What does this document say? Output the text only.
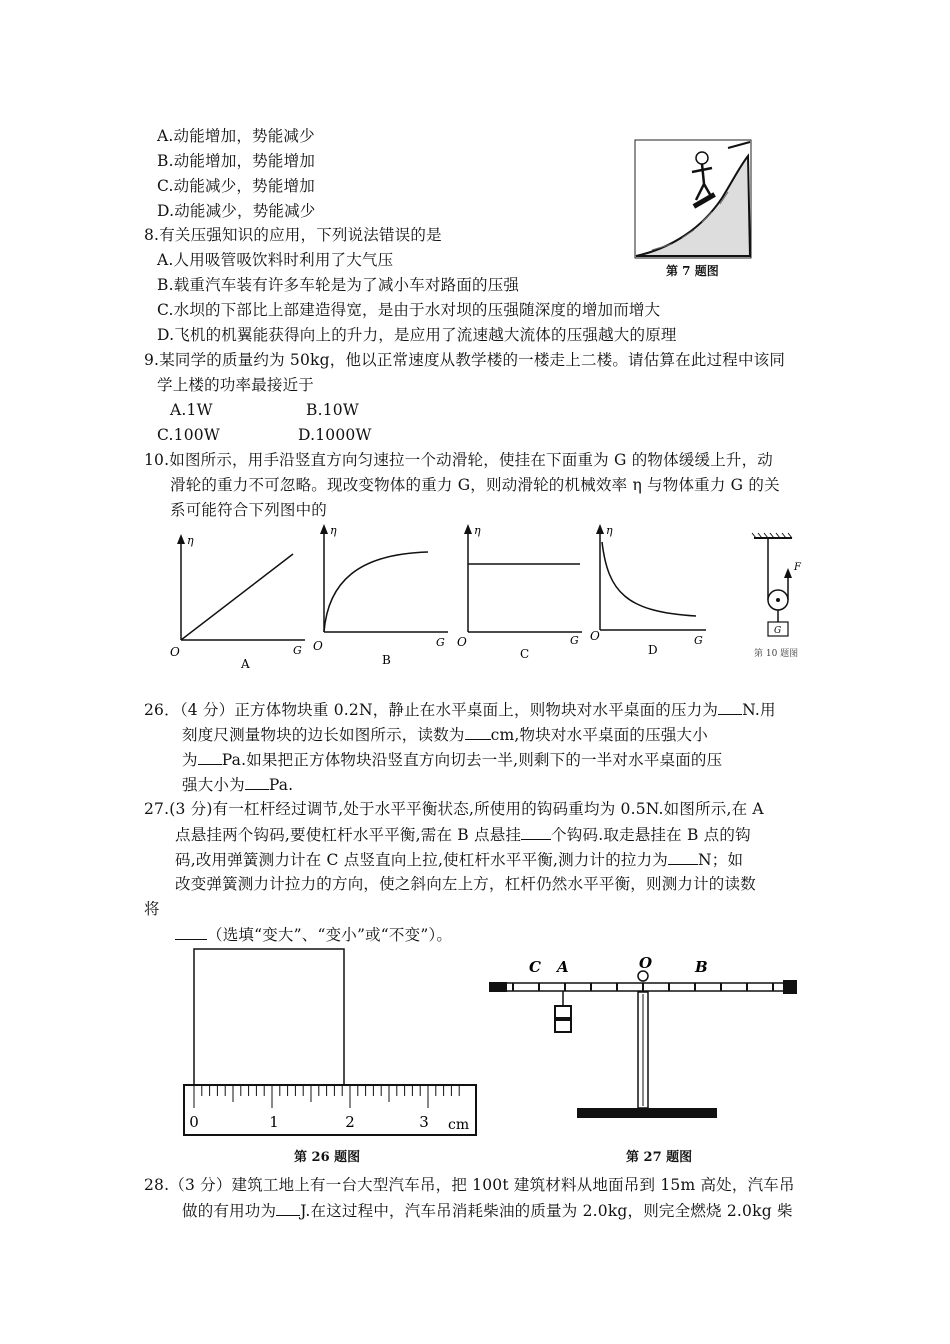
A.动能增加，势能减少
B.动能增加，势能增加
C.动能减少，势能增加
D.动能减少，势能减少
第 7 题图
8.有关压强知识的应用，下列说法错误的是
A.人用吸管吸饮料时利用了大气压
B.载重汽车装有许多车轮是为了减小车对路面的压强
C.水坝的下部比上部建造得宽，是由于水对坝的压强随深度的增加而增大
D.飞机的机翼能获得向上的升力，是应用了流速越大流体的压强越大的原理
9.某同学的质量约为 50kg，他以正常速度从教学楼的一楼走上二楼。请估算在此过程中该同
学上楼的功率最接近于
A.1W	B.10W
C.100W	D.1000W
10.如图所示，用手沿竖直方向匀速拉一个动滑轮，使挂在下面重为 G 的物体缓缓上升，动
滑轮的重力不可忽略。现改变物体的重力 G，则动滑轮的机械效率 η 与物体重力 G 的关
系可能符合下列图中的
η
G
O
A
η
G
O
B
η
G
O
C
η
G
O
D
F
G
第 10 题图
26．（4 分）正方体物块重 0.2N，静止在水平桌面上，则物块对水平桌面的压力为 N.用
刻度尺测量物块的边长如图所示，读数为 cm,物块对水平桌面的压强大小
为 Pa.如果把正方体物块沿竖直方向切去一半,则剩下的一半对水平桌面的压
强大小为 Pa.
27.(3 分)有一杠杆经过调节,处于水平平衡状态,所使用的钩码重均为 0.5N.如图所示,在 A
点悬挂两个钩码,要使杠杆水平平衡,需在 B 点悬挂 个钩码.取走悬挂在 B 点的钩
码,改用弹簧测力计在 C 点竖直向上拉,使杠杆水平平衡,测力计的拉力为 N；如
改变弹簧测力计拉力的方向，使之斜向左上方，杠杆仍然水平平衡，则测力计的读数
将
（选填“变大”、“变小”或“不变”）。
0	1	2	3 cm
第 26 题图
C A	O	B
第 27 题图
28.（3 分）建筑工地上有一台大型汽车吊，把 100t 建筑材料从地面吊到 15m 高处，汽车吊
做的有用功为 J.在这过程中，汽车吊消耗柴油的质量为 2.0kg，则完全燃烧 2.0kg 柴
